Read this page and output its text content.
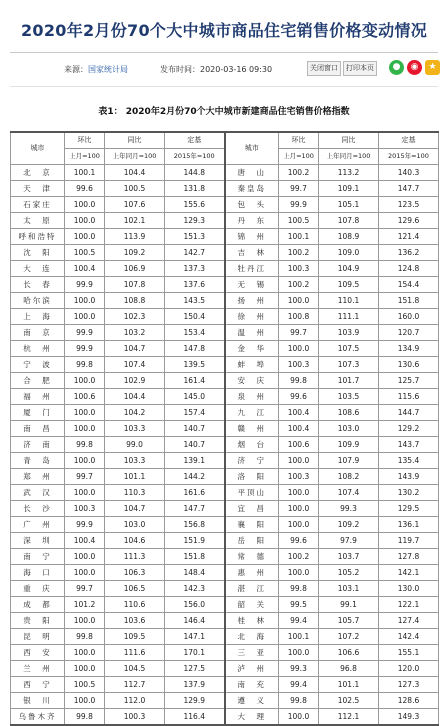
2020年2月份70个大中城市商品住宅销售价格变动情况
来源：国家统计局	发布时间：2020-03-16 09:30	关闭窗口	打印本页	●	◉	★
表1： 2020年2月份70个大中城市新建商品住宅销售价格指数
城市	环比	同比	定基	城市	环比	同比	定基
	上月=100	上年同月=100	2015年=100		上月=100	上年同月=100	2015年=100
北　京	100.1	104.4	144.8	唐　山	100.2	113.2	140.3
天　津	99.6	100.5	131.8	秦皇岛	99.7	109.1	147.7
石家庄	100.0	107.6	155.6	包　头	99.9	105.1	123.5
太　原	100.0	102.1	129.3	丹　东	100.5	107.8	129.6
呼和浩特	100.0	113.9	151.3	锦　州	100.1	108.9	121.4
沈　阳	100.5	109.2	142.7	吉　林	100.2	109.0	136.2
大　连	100.4	106.9	137.3	牡丹江	100.3	104.9	124.8
长　春	99.9	107.8	137.6	无　锡	100.2	109.5	154.4
哈尔滨	100.0	108.8	143.5	扬　州	100.0	110.1	151.8
上　海	100.0	102.3	150.4	徐　州	100.8	111.1	160.0
南　京	99.9	103.2	153.4	温　州	99.7	103.9	120.7
杭　州	99.9	104.7	147.8	金　华	100.0	107.5	134.9
宁　波	99.8	107.4	139.5	蚌　埠	100.3	107.3	130.6
合　肥	100.0	102.9	161.4	安　庆	99.8	101.7	125.7
福　州	100.6	104.4	145.0	泉　州	99.6	103.5	115.6
厦　门	100.0	104.2	157.4	九　江	100.4	108.6	144.7
南　昌	100.0	103.3	140.7	赣　州	100.4	103.0	129.2
济　南	99.8	99.0	140.7	烟　台	100.6	109.9	143.7
青　岛	100.0	103.3	139.1	济　宁	100.0	107.9	135.4
郑　州	99.7	101.1	144.2	洛　阳	100.3	108.2	143.9
武　汉	100.0	110.3	161.6	平顶山	100.0	107.4	130.2
长　沙	100.3	104.7	147.7	宜　昌	100.0	99.3	129.5
广　州	99.9	103.0	156.8	襄　阳	100.0	109.2	136.1
深　圳	100.4	104.6	151.9	岳　阳	99.6	97.9	119.7
南　宁	100.0	111.3	151.8	常　德	100.2	103.7	127.8
海　口	100.0	106.3	148.4	惠　州	100.0	105.2	142.1
重　庆	99.7	106.5	142.3	湛　江	99.8	103.1	130.0
成　都	101.2	110.6	156.0	韶　关	99.5	99.1	122.1
贵　阳	100.0	103.6	146.4	桂　林	99.4	105.7	127.4
昆　明	99.8	109.5	147.1	北　海	100.1	107.2	142.4
西　安	100.0	111.6	170.1	三　亚	100.0	106.6	155.1
兰　州	100.0	104.5	127.5	泸　州	99.3	96.8	120.0
西　宁	100.5	112.7	137.9	南　充	99.4	101.1	127.3
银　川	100.0	112.0	129.9	遵　义	99.8	102.5	128.6
乌鲁木齐	99.8	100.3	116.4	大　理	100.0	112.1	149.3
